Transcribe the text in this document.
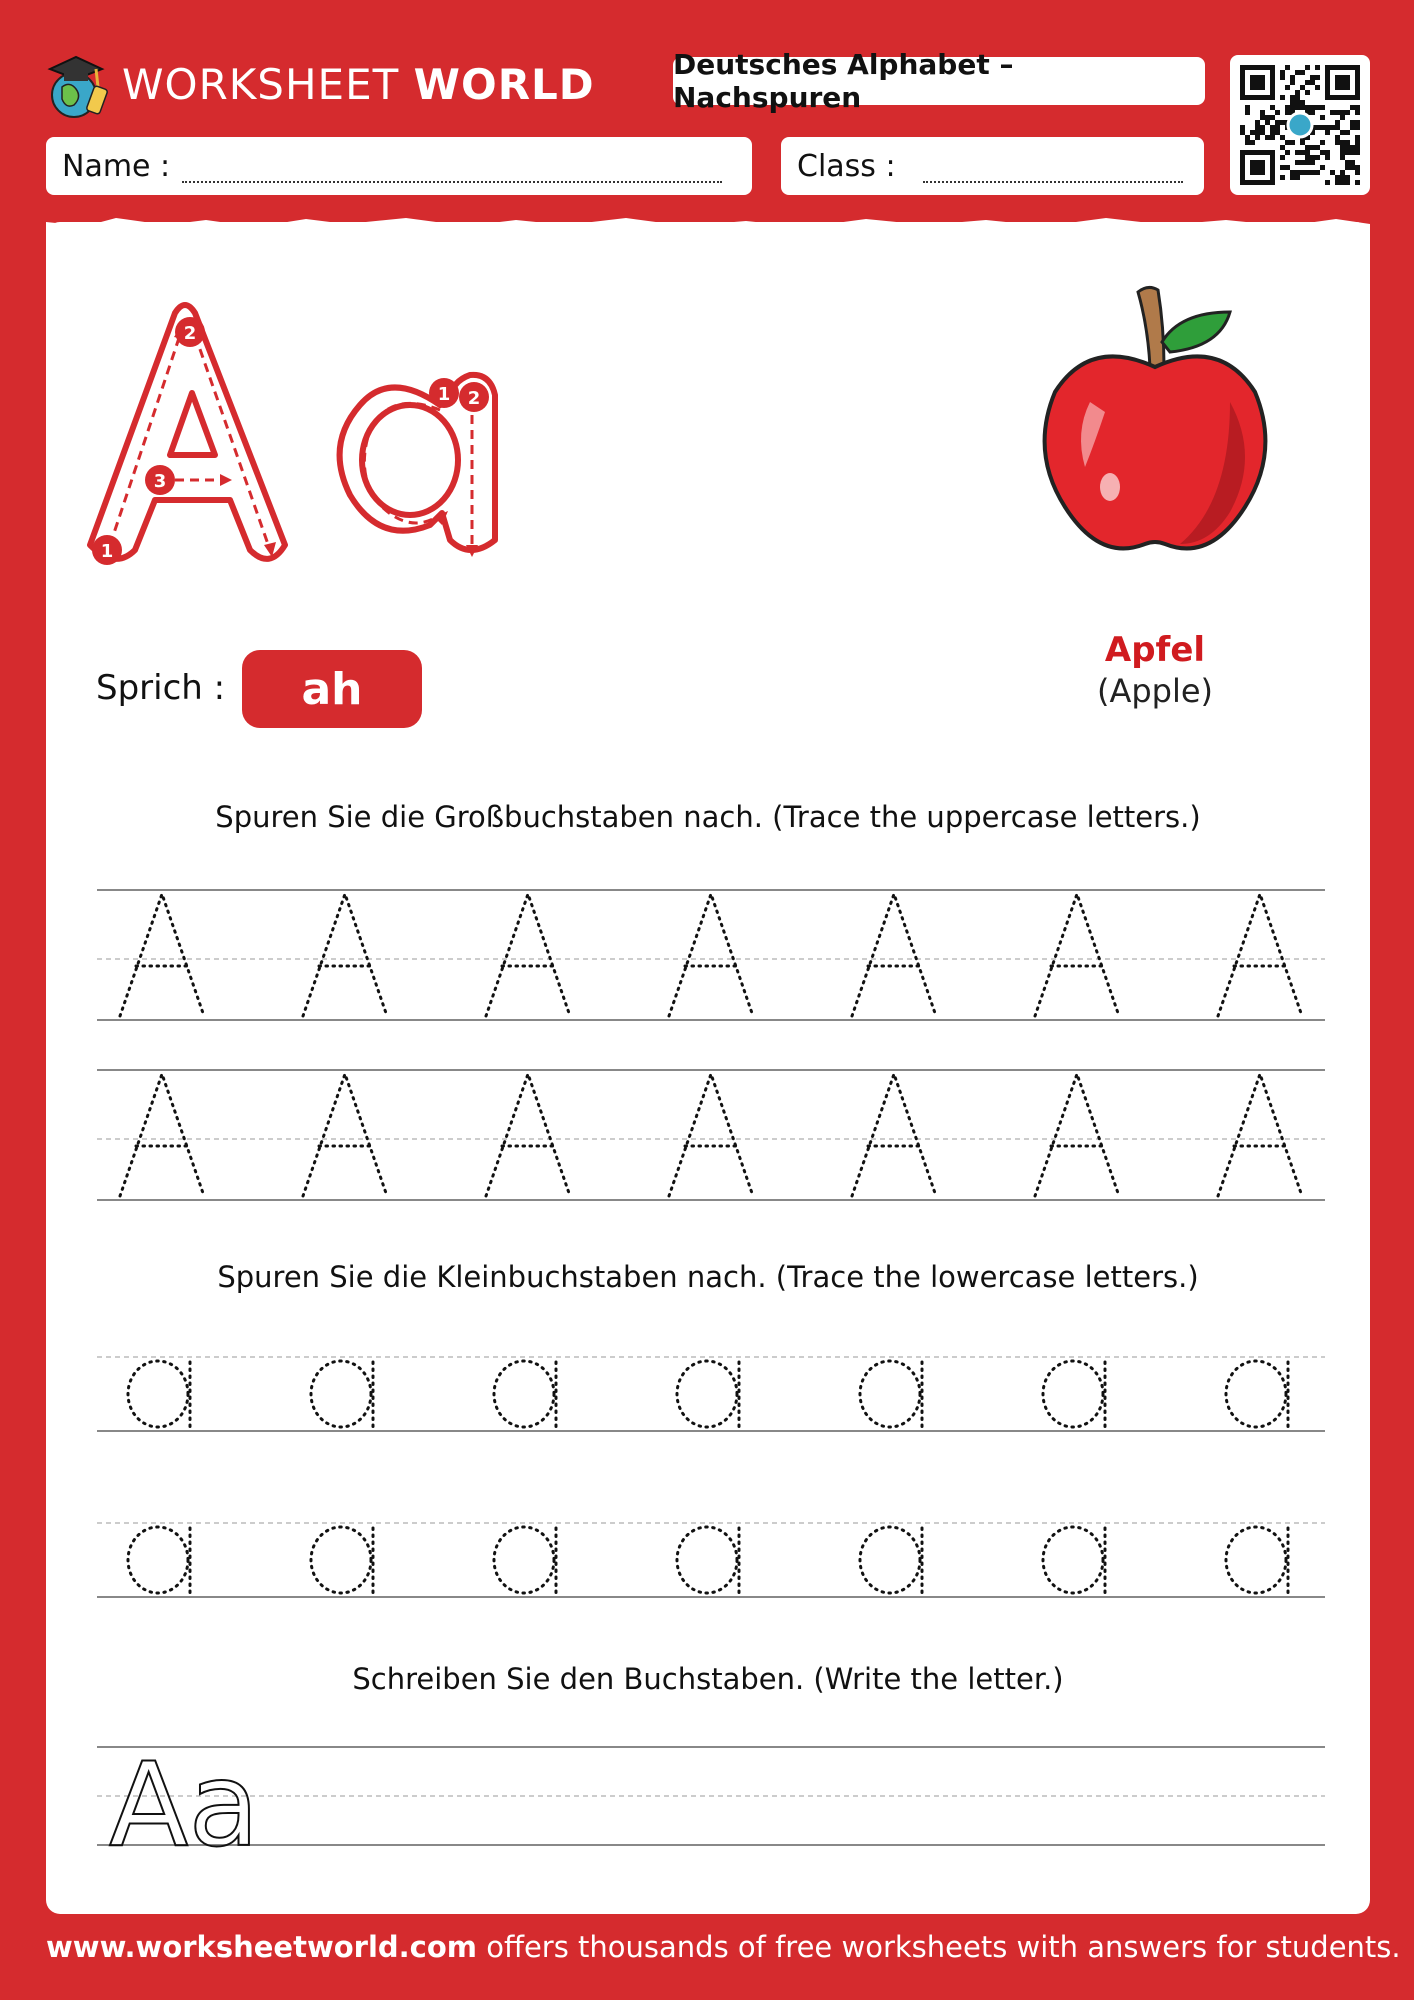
WORKSHEET WORLD	Deutsches Alphabet – Nachspuren
Name :	Class :
1
2
3
1 2
Apfel
(Apple)
Sprich :	ah
Spuren Sie die Großbuchstaben nach. (Trace the uppercase letters.)
Spuren Sie die Kleinbuchstaben nach. (Trace the lowercase letters.)
Schreiben Sie den Buchstaben. (Write the letter.)
Aa
www.worksheetworld.com offers thousands of free worksheets with answers for students.
